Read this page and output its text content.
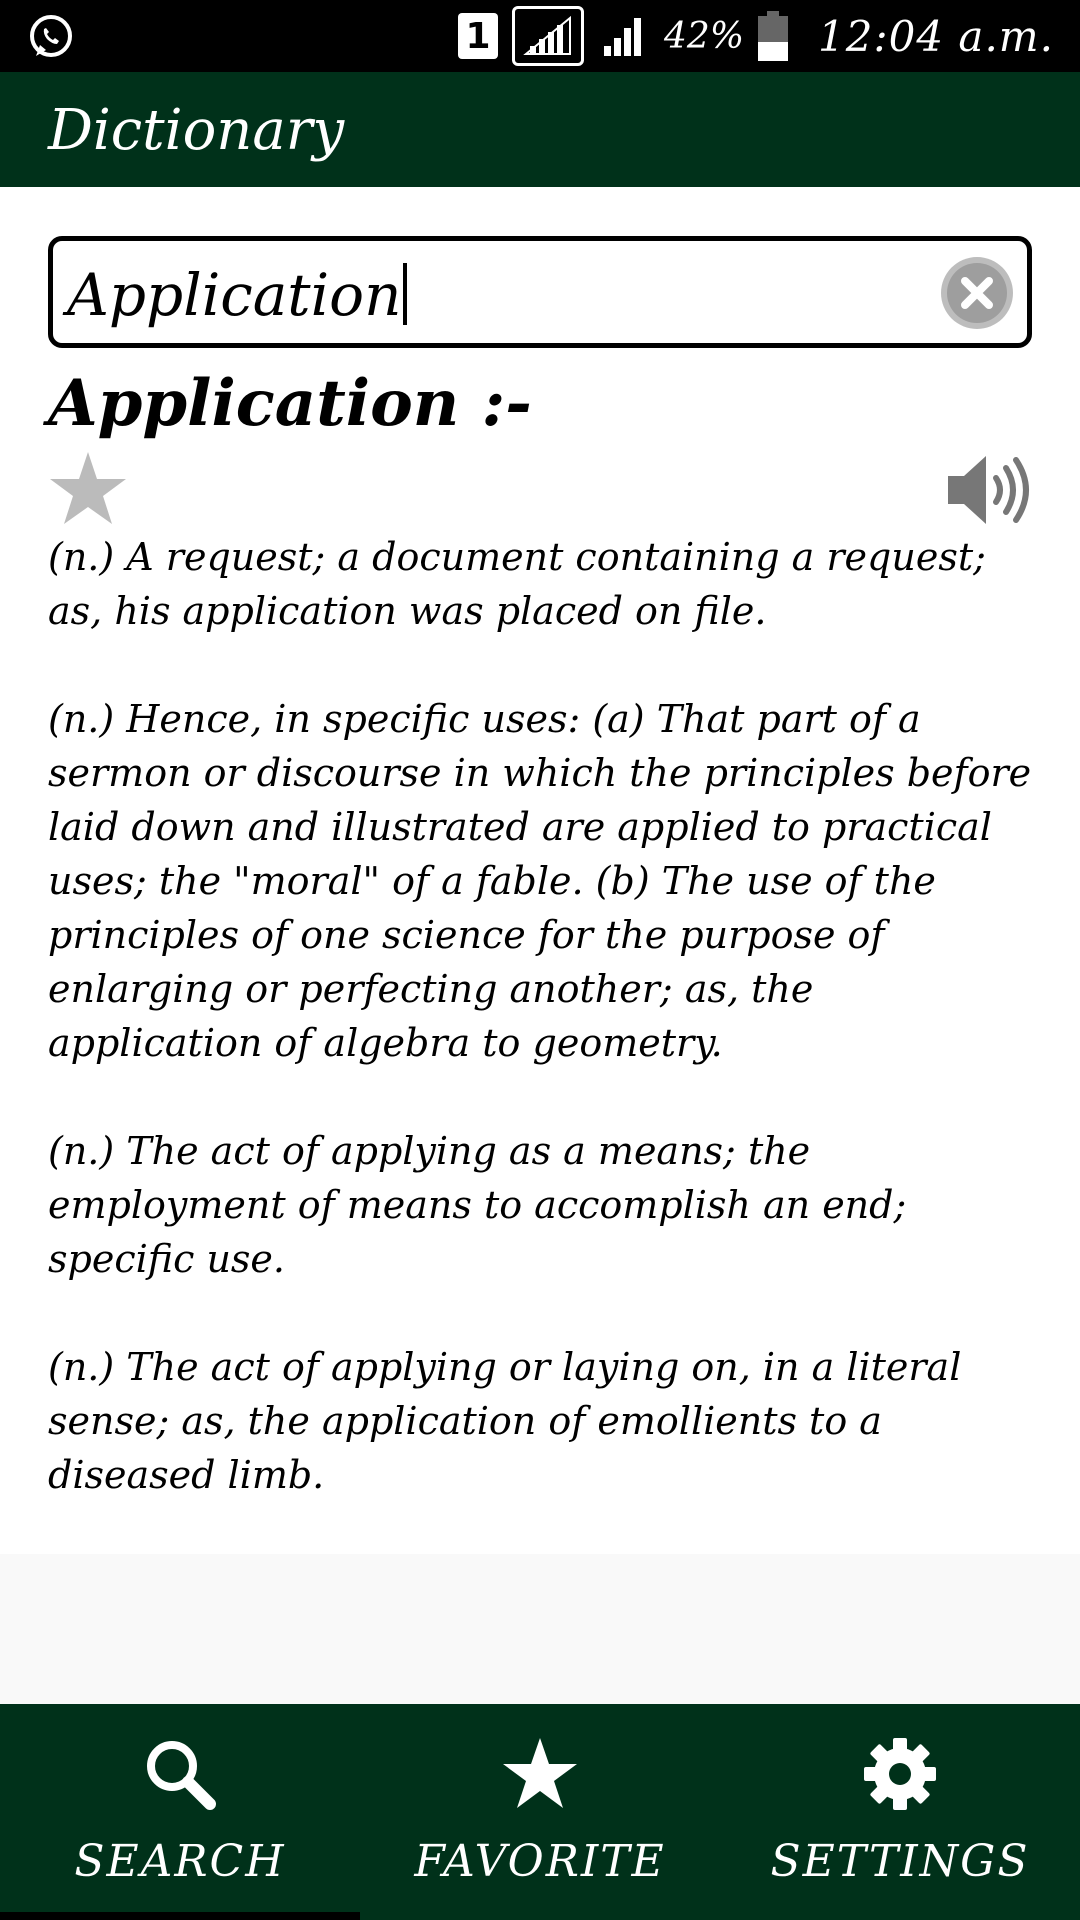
1	42% 12:04 a.m.
Dictionary
Application
Application :-

(n.) A request; a document containing a request; as, his application was placed on file.

(n.) Hence, in specific uses: (a) That part of a sermon or discourse in which the principles before laid down and illustrated are applied to practical uses; the "moral" of a fable. (b) The use of the principles of one science for the purpose of enlarging or perfecting another; as, the application of algebra to geometry.

(n.) The act of applying as a means; the employment of means to accomplish an end; specific use.

(n.) The act of applying or laying on, in a literal sense; as, the application of emollients to a diseased limb.

SEARCH	FAVORITE	SETTINGS
